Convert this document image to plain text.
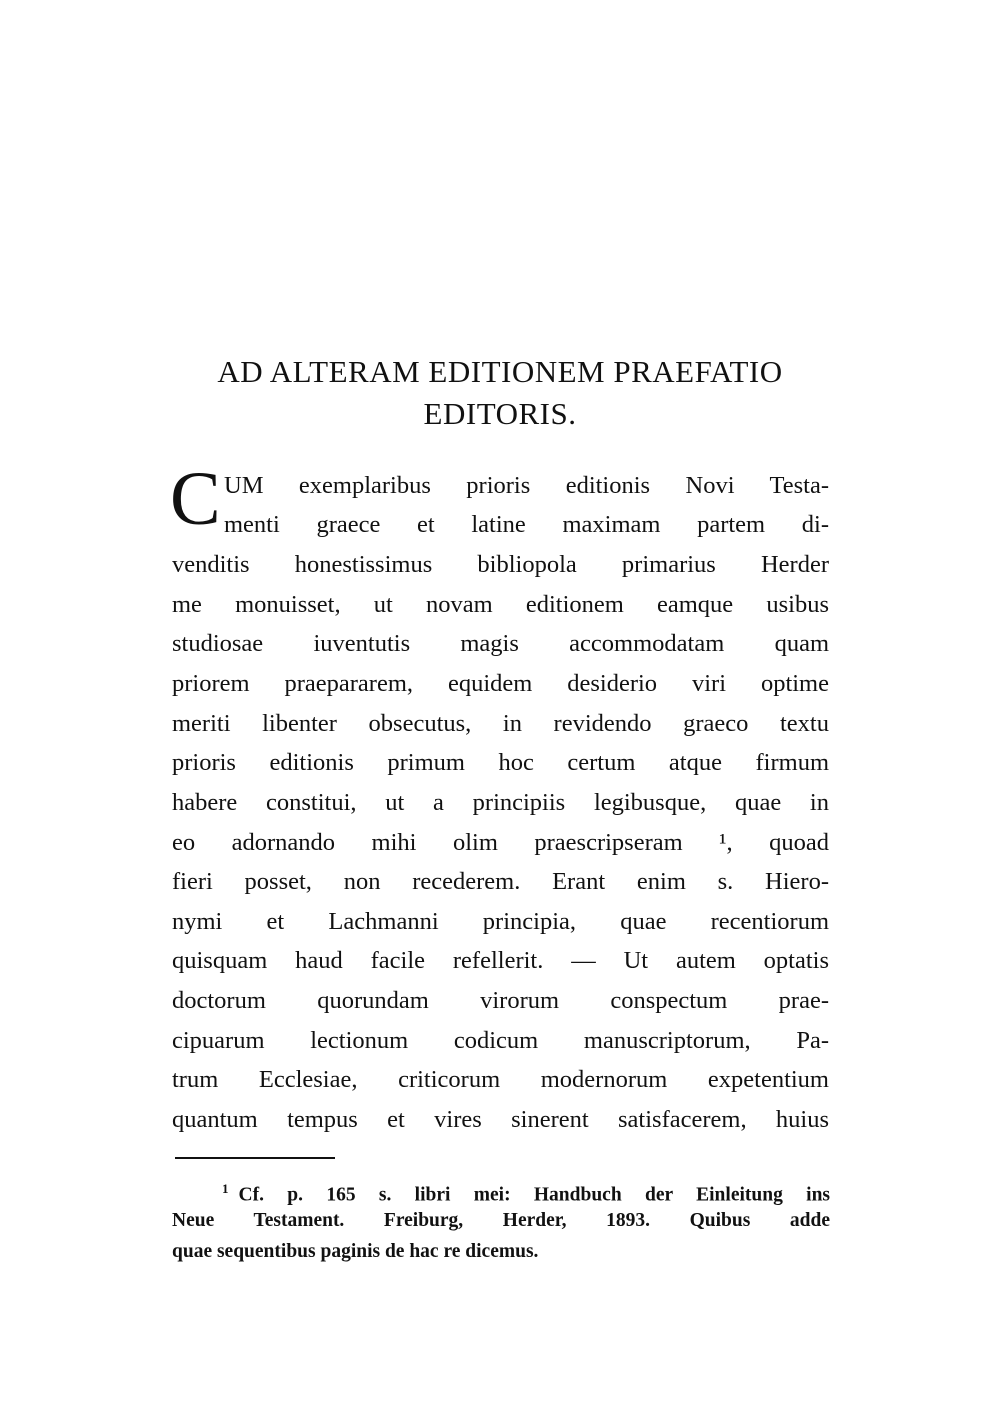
AD ALTERAM EDITIONEM PRAEFATIO
EDITORIS.
C UM exemplaribus prioris editionis Novi Testa-
menti graece et latine maximam partem di-
venditis honestissimus bibliopola primarius Herder
me monuisset, ut novam editionem eamque usibus
studiosae iuventutis magis accommodatam quam
priorem praepararem, equidem desiderio viri optime
meriti libenter obsecutus, in revidendo graeco textu
prioris editionis primum hoc certum atque firmum
habere constitui, ut a principiis legibusque, quae in
eo adornando mihi olim praescripseram ¹, quoad
fieri posset, non recederem. Erant enim s. Hiero-
nymi et Lachmanni principia, quae recentiorum
quisquam haud facile refellerit. — Ut autem optatis
doctorum quorundam virorum conspectum prae-
cipuarum lectionum codicum manuscriptorum, Pa-
trum Ecclesiae, criticorum modernorum expetentium
quantum tempus et vires sinerent satisfacerem, huius
$^1$ Cf. p. 165 s. libri mei: Handbuch der Einleitung ins
Neue Testament. Freiburg, Herder, 1893. Quibus adde
quae sequentibus paginis de hac re dicemus.
